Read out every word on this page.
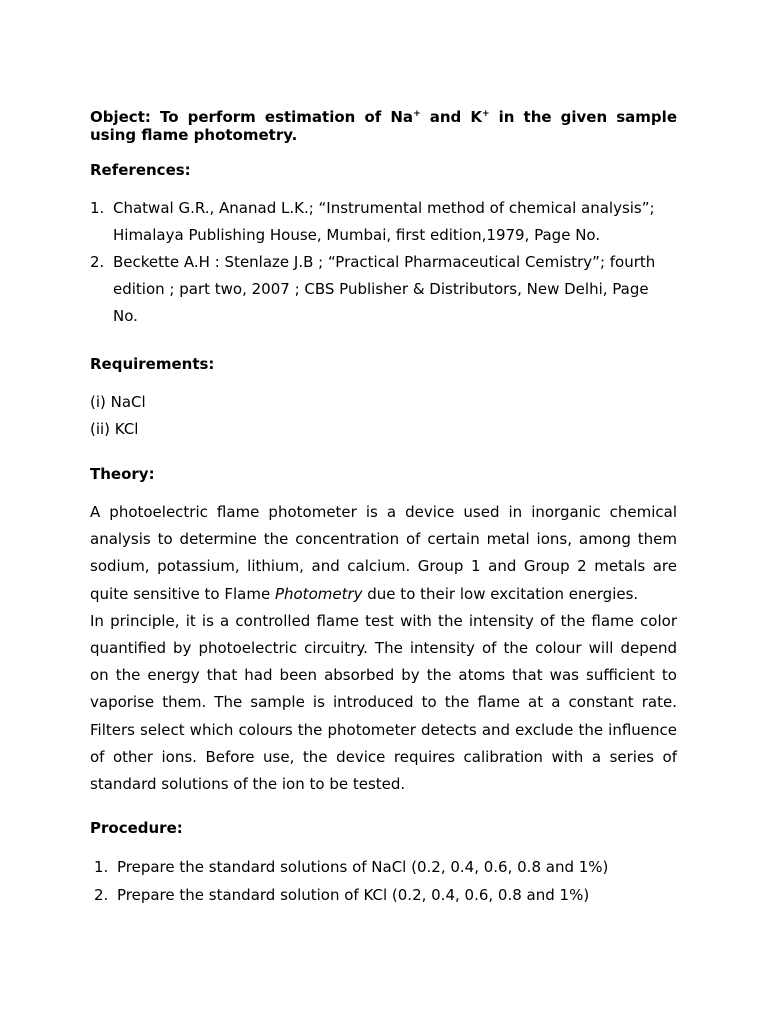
Object: To perform estimation of Na+ and K+ in the given sample using flame photometry.

References:
1. Chatwal G.R., Ananad L.K.; “Instrumental method of chemical analysis”; Himalaya Publishing House, Mumbai, first edition,1979, Page No.
2. Beckette A.H : Stenlaze J.B ; “Practical Pharmaceutical Cemistry”; fourth edition ; part two, 2007 ; CBS Publisher & Distributors, New Delhi, Page No.
Requirements:
(i) NaCl
(ii) KCl
Theory:

A photoelectric flame photometer is a device used in inorganic chemical analysis to determine the concentration of certain metal ions, among them sodium, potassium, lithium, and calcium. Group 1 and Group 2 metals are quite sensitive to Flame Photometry due to their low excitation energies.

In principle, it is a controlled flame test with the intensity of the flame color quantified by photoelectric circuitry. The intensity of the colour will depend on the energy that had been absorbed by the atoms that was sufficient to vaporise them. The sample is introduced to the flame at a constant rate. Filters select which colours the photometer detects and exclude the influence of other ions. Before use, the device requires calibration with a series of standard solutions of the ion to be tested.

Procedure:
1. Prepare the standard solutions of NaCl (0.2, 0.4, 0.6, 0.8 and 1%)
2. Prepare the standard solution of KCl (0.2, 0.4, 0.6, 0.8 and 1%)
